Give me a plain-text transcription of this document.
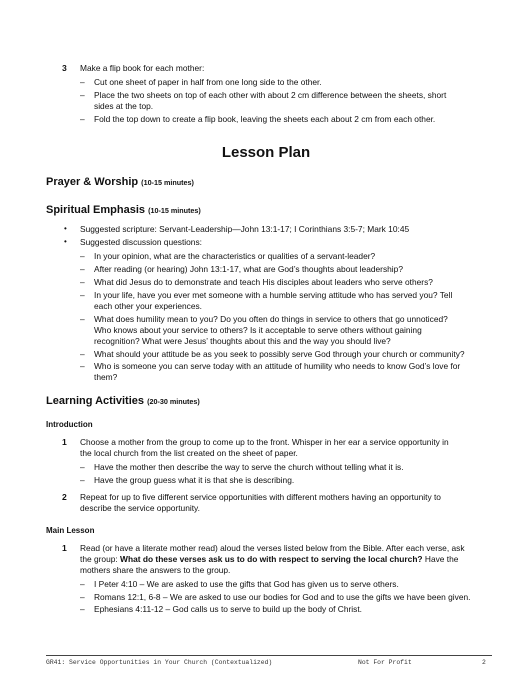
3 Make a flip book for each mother:
– Cut one sheet of paper in half from one long side to the other.
– Place the two sheets on top of each other with about 2 cm difference between the sheets, short
sides at the top.
– Fold the top down to create a flip book, leaving the sheets each about 2 cm from each other.
Lesson Plan
Prayer & Worship (10-15 minutes)
Spiritual Emphasis (10-15 minutes)
• Suggested scripture: Servant-Leadership—John 13:1-17; I Corinthians 3:5-7; Mark 10:45
• Suggested discussion questions:
– In your opinion, what are the characteristics or qualities of a servant-leader?
– After reading (or hearing) John 13:1-17, what are God’s thoughts about leadership?
– What did Jesus do to demonstrate and teach His disciples about leaders who serve others?
– In your life, have you ever met someone with a humble serving attitude who has served you? Tell
each other your experiences.
– What does humility mean to you? Do you often do things in service to others that go unnoticed?
Who knows about your service to others? Is it acceptable to serve others without gaining
recognition? What were Jesus’ thoughts about this and the way you should live?
– What should your attitude be as you seek to possibly serve God through your church or community?
– Who is someone you can serve today with an attitude of humility who needs to know God’s love for
them?
Learning Activities (20-30 minutes)
Introduction
1 Choose a mother from the group to come up to the front. Whisper in her ear a service opportunity in
the local church from the list created on the sheet of paper.
– Have the mother then describe the way to serve the church without telling what it is.
– Have the group guess what it is that she is describing.
2 Repeat for up to five different service opportunities with different mothers having an opportunity to
describe the service opportunity.
Main Lesson
1 Read (or have a literate mother read) aloud the verses listed below from the Bible. After each verse, ask
the group: What do these verses ask us to do with respect to serving the local church? Have the
mothers share the answers to the group.
– I Peter 4:10 – We are asked to use the gifts that God has given us to serve others.
– Romans 12:1, 6-8 – We are asked to use our bodies for God and to use the gifts we have been given.
– Ephesians 4:11-12 – God calls us to serve to build up the body of Christ.
GR41: Service Opportunities in Your Church (Contextualized)	Not For Profit	2
